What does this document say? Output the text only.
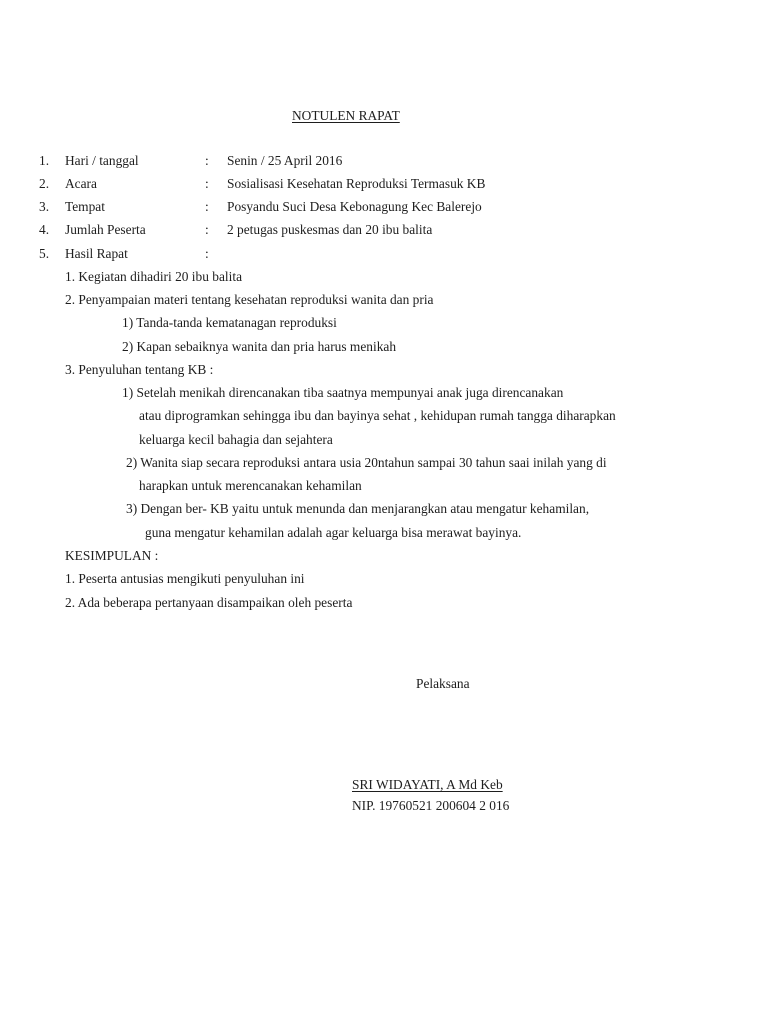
NOTULEN RAPAT
1. Hari / tanggal	: Senin / 25 April 2016
2. Acara	: Sosialisasi Kesehatan Reproduksi Termasuk KB
3. Tempat	: Posyandu Suci Desa Kebonagung Kec Balerejo
4. Jumlah Peserta	: 2 petugas puskesmas dan 20 ibu balita
5. Hasil Rapat	:
1. Kegiatan dihadiri 20 ibu balita
2. Penyampaian materi tentang kesehatan reproduksi wanita dan pria
1) Tanda-tanda kematanagan reproduksi
2) Kapan sebaiknya wanita dan pria harus menikah
3. Penyuluhan tentang KB :
1) Setelah menikah direncanakan tiba saatnya mempunyai anak juga direncanakan
atau diprogramkan sehingga ibu dan bayinya sehat , kehidupan rumah tangga diharapkan
keluarga kecil bahagia dan sejahtera
2) Wanita siap secara reproduksi antara usia 20ntahun sampai 30 tahun saai inilah yang di
harapkan untuk merencanakan kehamilan
3) Dengan ber- KB yaitu untuk menunda dan menjarangkan atau mengatur kehamilan,
guna mengatur kehamilan adalah agar keluarga bisa merawat bayinya.
KESIMPULAN :
1. Peserta antusias mengikuti penyuluhan ini
2. Ada beberapa pertanyaan disampaikan oleh peserta
Pelaksana
SRI WIDAYATI, A Md Keb
NIP. 19760521 200604 2 016
